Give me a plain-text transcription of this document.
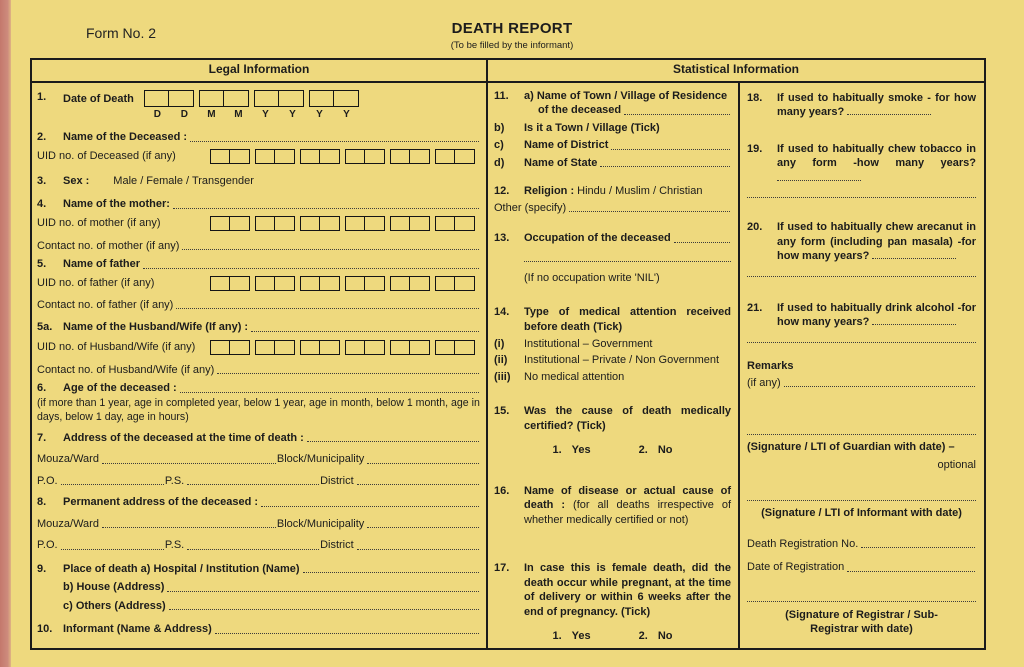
Form No. 2	DEATH REPORT
(To be filled by the informant)
Legal Information	Statistical Information
1.	Date of Death
D	D	M	M	Y	Y	Y	Y
2.	Name of the Deceased :
UID no. of Deceased (if any)
3.	Sex : Male / Female / Transgender
4.	Name of the mother:
UID no. of mother (if any)
Contact no. of mother (if any)
5.	Name of father
UID no. of father (if any)
Contact no. of father (if any)
5a. Name of the Husband/Wife (If any) :
UID no. of Husband/Wife (if any)
Contact no. of Husband/Wife (if any)
6.	Age of the deceased :
(if more than 1 year, age in completed year, below 1 year, age in month, below 1 month, age in days, below 1 day, age in hours)
7.	Address of the deceased at the time of death :
Mouza/Ward	Block/Municipality
P.O.	P.S.	District
8.	Permanent address of the deceased :
Mouza/Ward	Block/Municipality
P.O.	P.S.	District
9.	Place of death a) Hospital / Institution (Name)
b) House (Address)
c) Others (Address)
10. Informant (Name & Address)
11.	a) Name of Town / Village of Residence
of the deceased
b)	Is it a Town / Village (Tick)
c)	Name of District
d)	Name of State
12.	Religion : Hindu / Muslim / Christian
Other (specify)
13.	Occupation of the deceased
(If no occupation write 'NIL')
14.	Type of medical attention received before death (Tick)
(i)	Institutional – Government
(ii)	Institutional – Private / Non Government
(iii)	No medical attention
15.	Was the cause of death medically certified? (Tick)
1. Yes	2. No
16.	Name of disease or actual cause of death : (for all deaths irrespective of whether medically certified or not)
17.	In case this is female death, did the death occur while pregnant, at the time of delivery or within 6 weeks after the end of pregnancy. (Tick)
1. Yes	2. No
18.	If used to habitually smoke - for how many years?
19.	If used to habitually chew tobacco in any form -how many years?
20.	If used to habitually chew arecanut in any form (including pan masala) -for how many years?
21.	If used to habitually drink alcohol -for how many years?
Remarks
(if any)
(Signature / LTI of Guardian with date) –
optional
(Signature / LTI of Informant with date)
Death Registration No.
Date of Registration
(Signature of Registrar / Sub-
Registrar with date)
